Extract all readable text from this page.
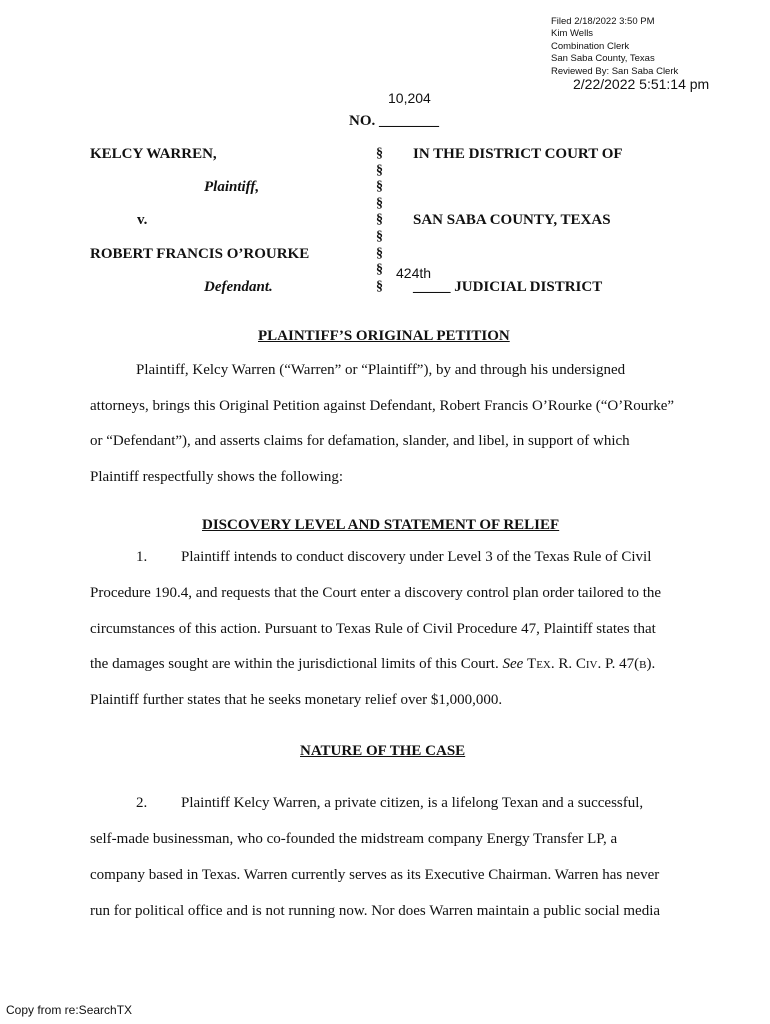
Filed 2/18/2022 3:50 PM
Kim Wells
Combination Clerk
San Saba County, Texas
Reviewed By: San Saba Clerk
2/22/2022 5:51:14 pm
10,204
NO. ________
KELCY WARREN,
Plaintiff,
v.
ROBERT FRANCIS O’ROURKE
Defendant.
§
§
§
§
§
§
§
§
§
IN THE DISTRICT COURT OF
SAN SABA COUNTY, TEXAS
424th
_____ JUDICIAL DISTRICT
PLAINTIFF’S ORIGINAL PETITION
Plaintiff, Kelcy Warren (“Warren” or “Plaintiff”), by and through his undersigned
attorneys, brings this Original Petition against Defendant, Robert Francis O’Rourke (“O’Rourke”
or “Defendant”), and asserts claims for defamation, slander, and libel, in support of which
Plaintiff respectfully shows the following:
DISCOVERY LEVEL AND STATEMENT OF RELIEF
1. Plaintiff intends to conduct discovery under Level 3 of the Texas Rule of Civil
Procedure 190.4, and requests that the Court enter a discovery control plan order tailored to the
circumstances of this action. Pursuant to Texas Rule of Civil Procedure 47, Plaintiff states that
the damages sought are within the jurisdictional limits of this Court. See Tex. R. Civ. P. 47(b).
Plaintiff further states that he seeks monetary relief over $1,000,000.
NATURE OF THE CASE
2. Plaintiff Kelcy Warren, a private citizen, is a lifelong Texan and a successful,
self-made businessman, who co-founded the midstream company Energy Transfer LP, a
company based in Texas. Warren currently serves as its Executive Chairman. Warren has never
run for political office and is not running now. Nor does Warren maintain a public social media
Copy from re:SearchTX
